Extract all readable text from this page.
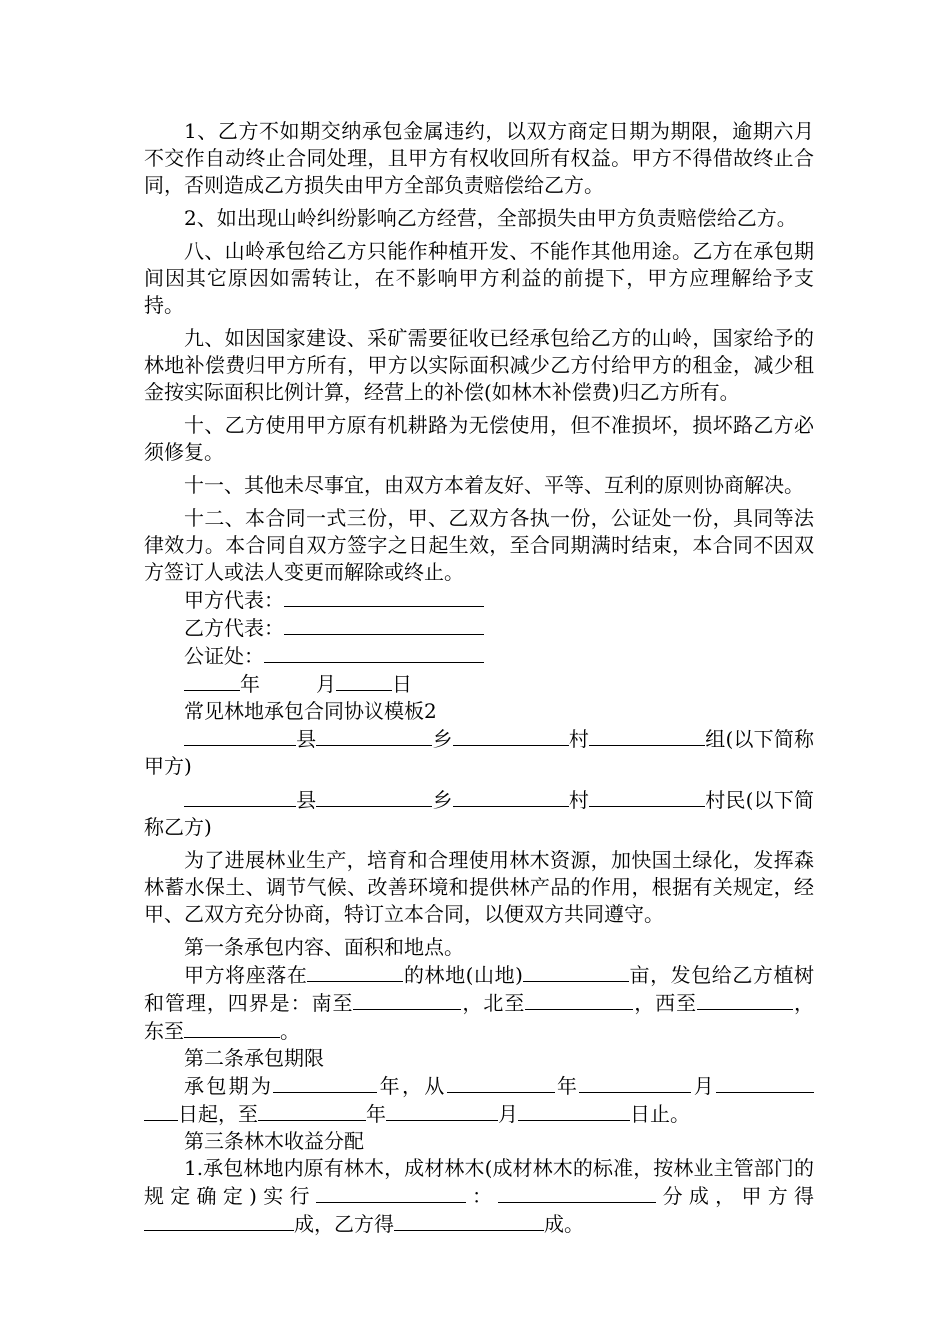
1、乙方不如期交纳承包金属违约，以双方商定日期为期限，逾期六月不交作自动终止合同处理，且甲方有权收回所有权益。甲方不得借故终止合同，否则造成乙方损失由甲方全部负责赔偿给乙方。

2、如出现山岭纠纷影响乙方经营，全部损失由甲方负责赔偿给乙方。

八、山岭承包给乙方只能作种植开发、不能作其他用途。乙方在承包期间因其它原因如需转让，在不影响甲方利益的前提下，甲方应理解给予支持。

九、如因国家建设、采矿需要征收已经承包给乙方的山岭，国家给予的林地补偿费归甲方所有，甲方以实际面积减少乙方付给甲方的租金，减少租金按实际面积比例计算，经营上的补偿(如林木补偿费)归乙方所有。

十、乙方使用甲方原有机耕路为无偿使用，但不准损坏，损坏路乙方必须修复。

十一、其他未尽事宜，由双方本着友好、平等、互利的原则协商解决。

十二、本合同一式三份，甲、乙双方各执一份，公证处一份，具同等法律效力。本合同自双方签字之日起生效，至合同期满时结束，本合同不因双方签订人或法人变更而解除或终止。

甲方代表：
乙方代表：
公证处：
年	月	日

常见林地承包合同协议模板2

县	乡	村	组(以下简称甲方)

县	乡	村	村民(以下简称乙方)

为了进展林业生产，培育和合理使用林木资源，加快国土绿化，发挥森林蓄水保土、调节气候、改善环境和提供林产品的作用，根据有关规定，经甲、乙双方充分协商，特订立本合同，以便双方共同遵守。

第一条承包内容、面积和地点。

甲方将座落在	的林地(山地)	亩，发包给乙方植树和管理，四界是：南至	，北至	，西至	，东至	。

第二条承包期限

承包期为	年，从	年	月日起，至	年	月	日止。

第三条林木收益分配

1.承包林地内原有林木，成材林木(成材林木的标准，按林业主管部门的规定确定)实行	：	分成，甲方得成，乙方得	成。
